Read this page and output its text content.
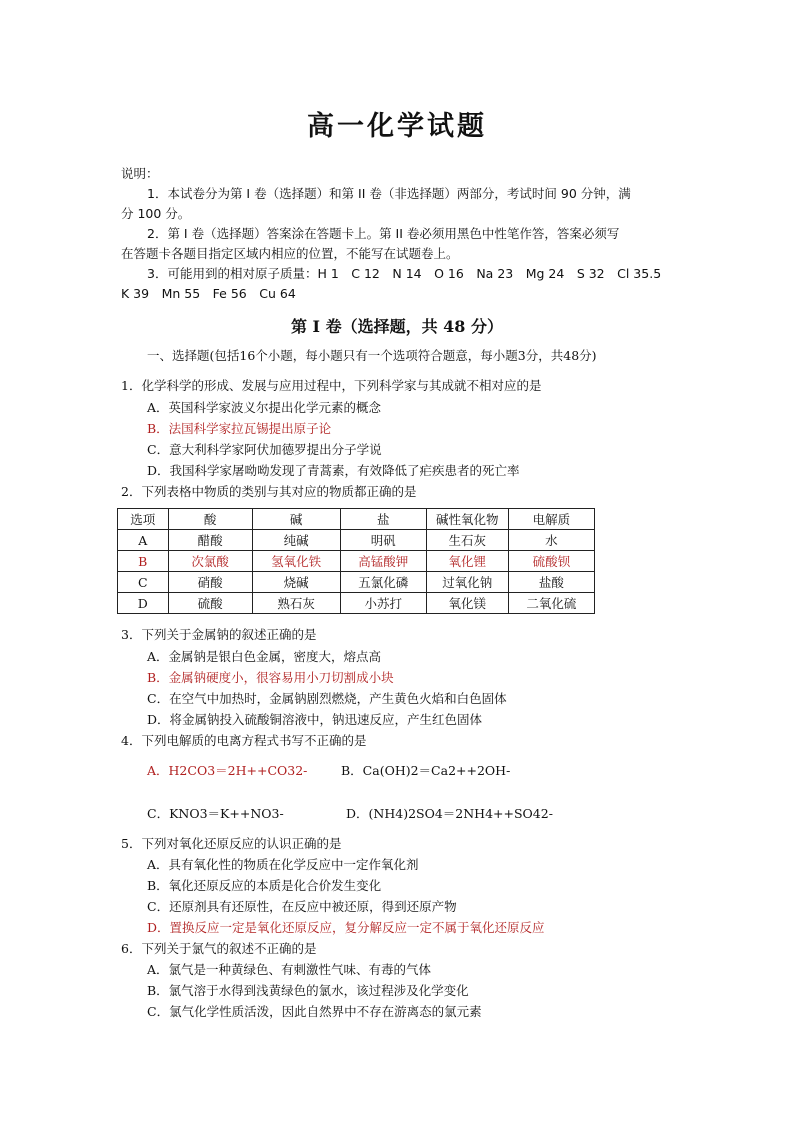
高一化学试题
说明：
1．本试卷分为第 I 卷（选择题）和第 II 卷（非选择题）两部分，考试时间 90 分钟，满
分 100 分。
2．第 I 卷（选择题）答案涂在答题卡上。第 II 卷必须用黑色中性笔作答，答案必须写
在答题卡各题目指定区域内相应的位置，不能写在试题卷上。
3．可能用到的相对原子质量：H 1　C 12　N 14　O 16　Na 23　Mg 24　S 32　Cl 35.5
K 39　Mn 55　Fe 56　Cu 64
第 I 卷（选择题，共 48 分）
一、选择题(包括16个小题，每小题只有一个选项符合题意，每小题3分，共48分)
1．化学科学的形成、发展与应用过程中，下列科学家与其成就不相对应的是
A．英国科学家波义尔提出化学元素的概念
B．法国科学家拉瓦锡提出原子论
C．意大利科学家阿伏加德罗提出分子学说
D．我国科学家屠呦呦发现了青蒿素，有效降低了疟疾患者的死亡率
2．下列表格中物质的类别与其对应的物质都正确的是
选项	酸	碱	盐	碱性氧化物	电解质
A	醋酸	纯碱	明矾	生石灰	水
B	次氯酸	氢氧化铁	高锰酸钾	氧化锂	硫酸钡
C	硝酸	烧碱	五氯化磷	过氧化钠	盐酸
D	硫酸	熟石灰	小苏打	氧化镁	二氧化硫
3．下列关于金属钠的叙述正确的是
A．金属钠是银白色金属，密度大，熔点高
B．金属钠硬度小，很容易用小刀切割成小块
C．在空气中加热时，金属钠剧烈燃烧，产生黄色火焰和白色固体
D．将金属钠投入硫酸铜溶液中，钠迅速反应，产生红色固体
4．下列电解质的电离方程式书写不正确的是
A．H2CO3＝2H++CO32-	B．Ca(OH)2＝Ca2++2OH-
C．KNO3＝K++NO3-	D．(NH4)2SO4＝2NH4++SO42-
5．下列对氧化还原反应的认识正确的是
A．具有氧化性的物质在化学反应中一定作氧化剂
B．氧化还原反应的本质是化合价发生变化
C．还原剂具有还原性，在反应中被还原，得到还原产物
D．置换反应一定是氧化还原反应，复分解反应一定不属于氧化还原反应
6．下列关于氯气的叙述不正确的是
A．氯气是一种黄绿色、有刺激性气味、有毒的气体
B．氯气溶于水得到浅黄绿色的氯水，该过程涉及化学变化
C．氯气化学性质活泼，因此自然界中不存在游离态的氯元素
